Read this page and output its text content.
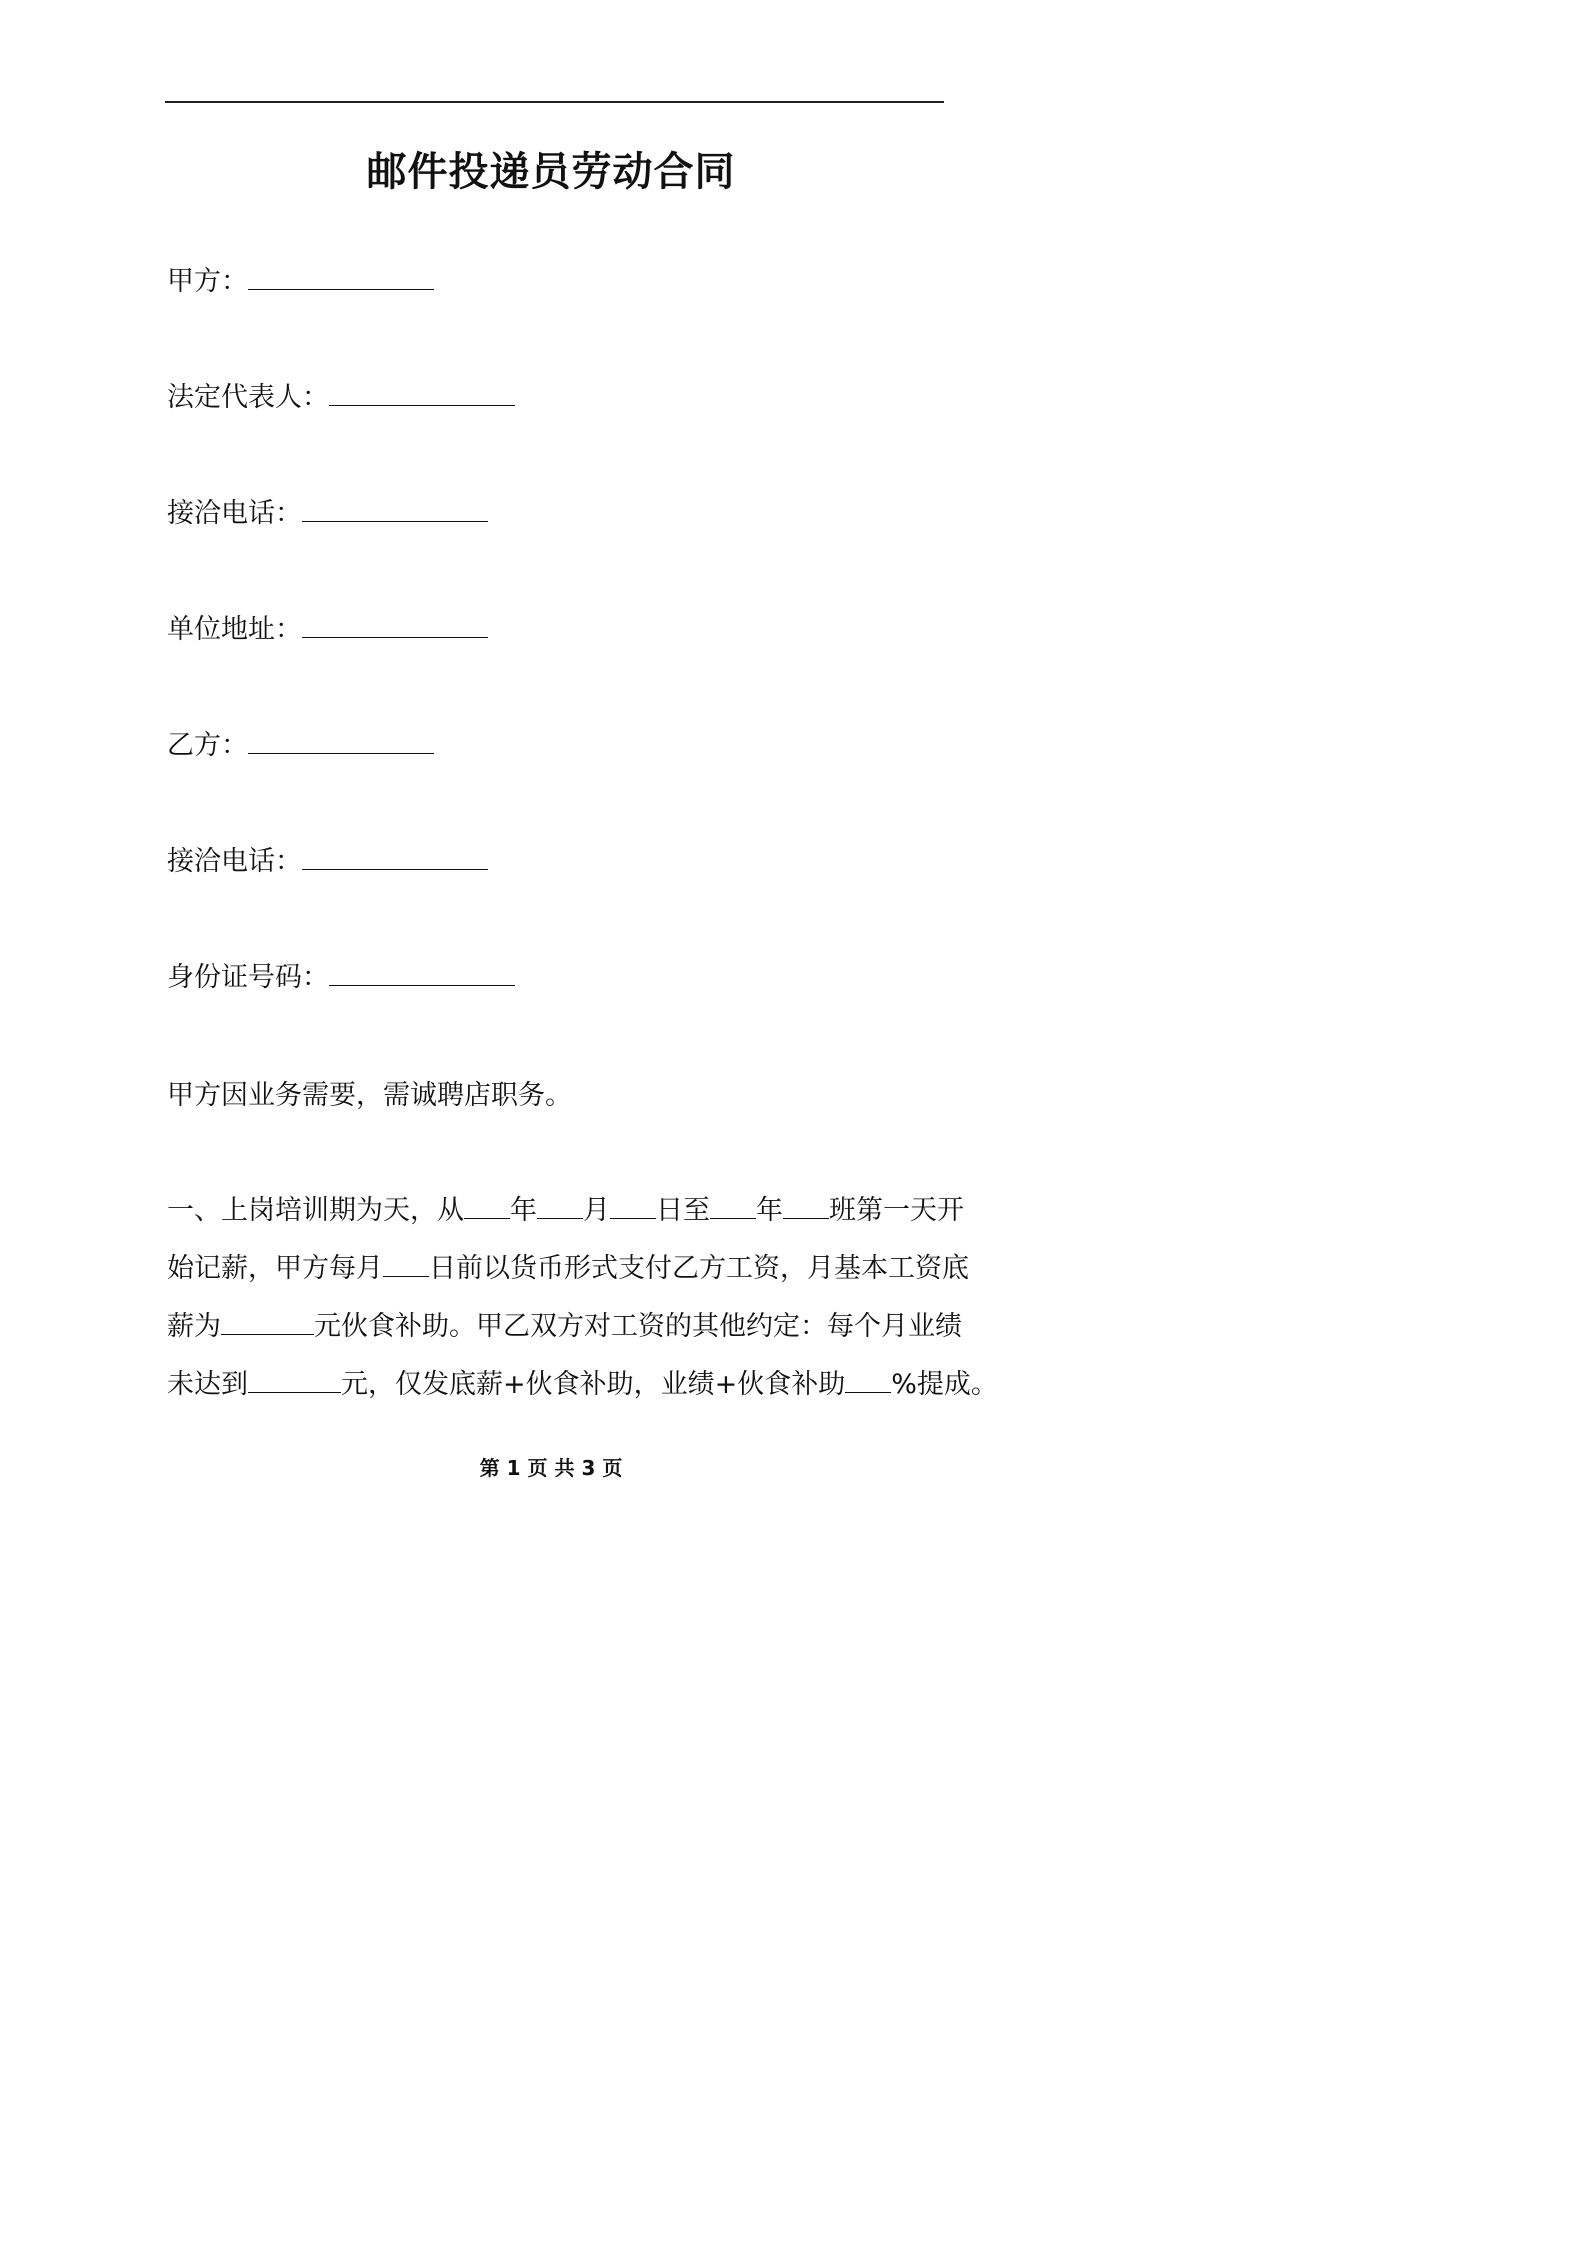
邮件投递员劳动合同
甲方：
法定代表人：
接洽电话：
单位地址：
乙方：
接洽电话：
身份证号码：
甲方因业务需要，需诚聘店职务。
一、上岗培训期为天，从 年 月 日至 年 班第一天开
始记薪，甲方每月 日前以货币形式支付乙方工资，月基本工资底
薪为	元伙食补助。甲乙双方对工资的其他约定：每个月业绩
未达到	元，仅发底薪+伙食补助，业绩+伙食补助 %提成。
第 1 页 共 3 页
